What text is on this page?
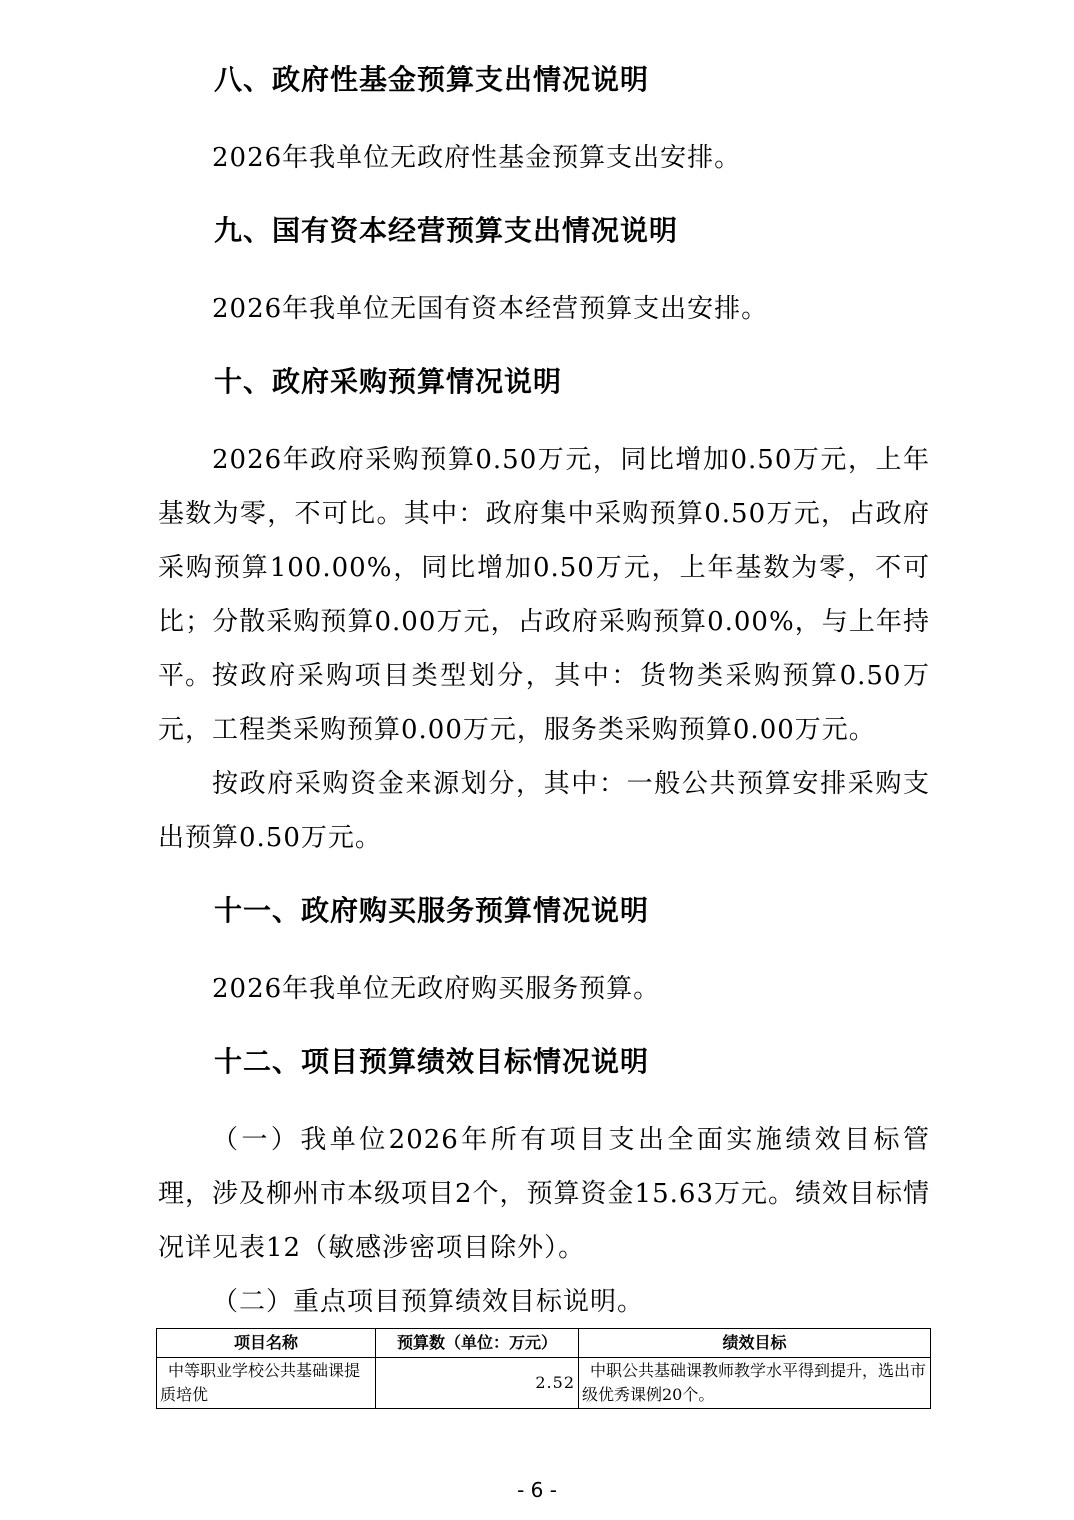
八、政府性基金预算支出情况说明
2026年我单位无政府性基金预算支出安排。
九、国有资本经营预算支出情况说明
2026年我单位无国有资本经营预算支出安排。
十、政府采购预算情况说明
2026年政府采购预算0.50万元，同比增加0.50万元，上年基数为零，不可比。其中：政府集中采购预算0.50万元，占政府采购预算100.00%，同比增加0.50万元，上年基数为零，不可比；分散采购预算0.00万元，占政府采购预算0.00%，与上年持平。 按政府采购项目类型划分，其中：货物类采购预算0.50万元，工程类采购预算0.00万元，服务类采购预算0.00万元。
按政府采购资金来源划分，其中：一般公共预算安排采购支出预算0.50万元。
十一、政府购买服务预算情况说明
2026年我单位无政府购买服务预算。
十二、项目预算绩效目标情况说明
（一）我单位2026年所有项目支出全面实施绩效目标管理，涉及柳州市本级项目2个，预算资金15.63万元。绩效目标情况详见表12（敏感涉密项目除外）。
（二）重点项目预算绩效目标说明。
项目名称	预算数（单位：万元）	绩效目标
中等职业学校公共基础课提质培优	2.52	中职公共基础课教师教学水平得到提升，选出市级优秀课例20个。
- 6 -
